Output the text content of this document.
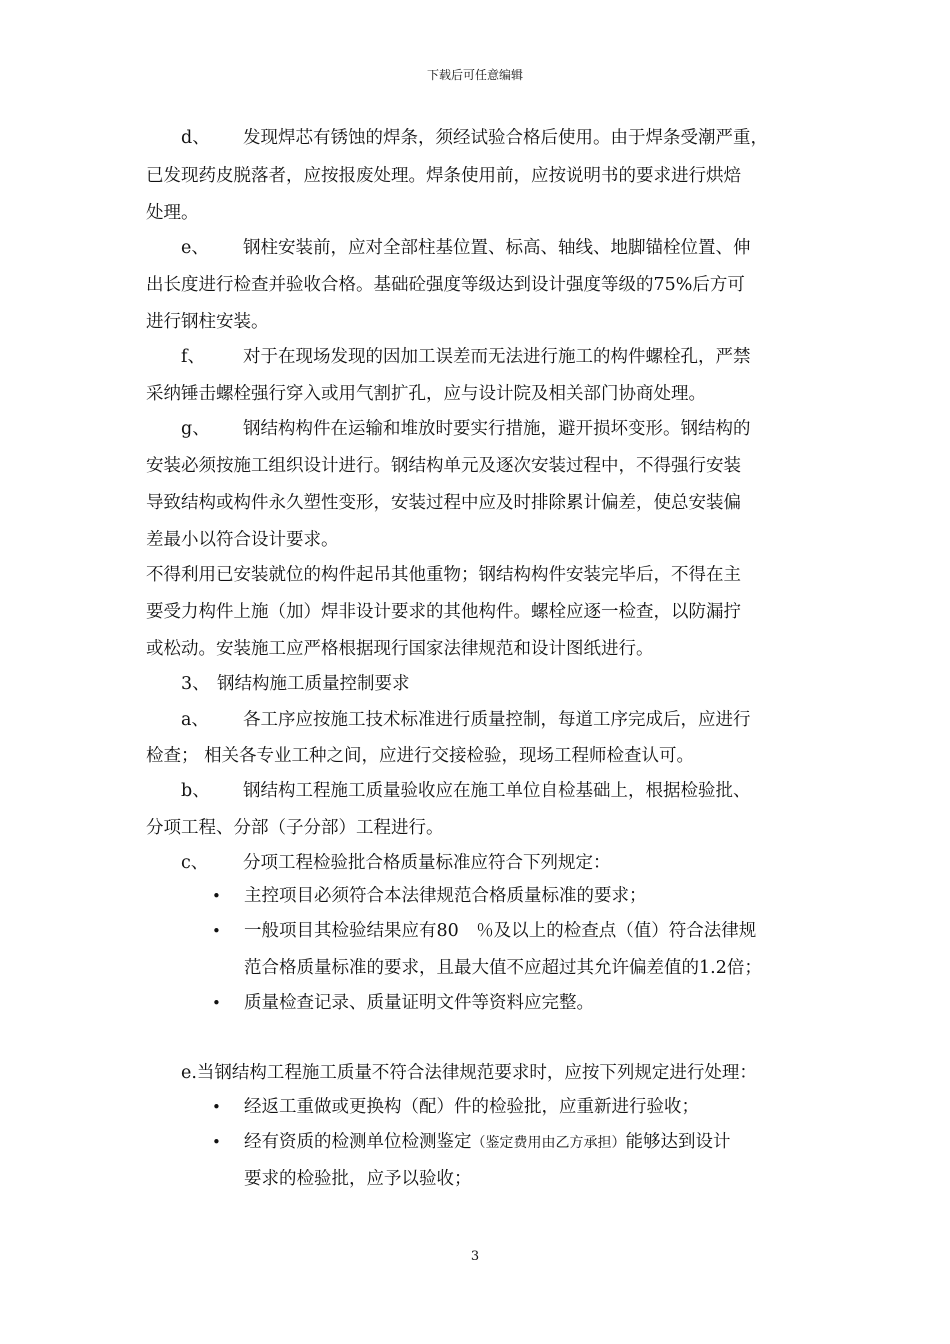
下载后可任意编辑
d、 发现焊芯有锈蚀的焊条，须经试验合格后使用。由于焊条受潮严重，
已发现药皮脱落者，应按报废处理。焊条使用前，应按说明书的要求进行烘焙
处理。
e、 钢柱安装前，应对全部柱基位置、标高、轴线、地脚锚栓位置、伸
出长度进行检查并验收合格。基础砼强度等级达到设计强度等级的75%后方可
进行钢柱安装。
f、 对于在现场发现的因加工误差而无法进行施工的构件螺栓孔，严禁
采纳锤击螺栓强行穿入或用气割扩孔，应与设计院及相关部门协商处理。
g、 钢结构构件在运输和堆放时要实行措施，避开损坏变形。钢结构的
安装必须按施工组织设计进行。钢结构单元及逐次安装过程中，不得强行安装
导致结构或构件永久塑性变形，安装过程中应及时排除累计偏差，使总安装偏
差最小以符合设计要求。
不得利用已安装就位的构件起吊其他重物；钢结构构件安装完毕后，不得在主
要受力构件上施（加）焊非设计要求的其他构件。螺栓应逐一检查，以防漏拧
或松动。安装施工应严格根据现行国家法律规范和设计图纸进行。
3、 钢结构施工质量控制要求
a、 各工序应按施工技术标准进行质量控制，每道工序完成后，应进行
检查； 相关各专业工种之间，应进行交接检验，现场工程师检查认可。
b、 钢结构工程施工质量验收应在施工单位自检基础上，根据检验批、
分项工程、分部（子分部）工程进行。
c、 分项工程检验批合格质量标准应符合下列规定：
• 主控项目必须符合本法律规范合格质量标准的要求；
• 一般项目其检验结果应有80　％及以上的检查点（值）符合法律规
范合格质量标准的要求，且最大值不应超过其允许偏差值的1.2倍；
• 质量检查记录、质量证明文件等资料应完整。
e.当钢结构工程施工质量不符合法律规范要求时，应按下列规定进行处理：
• 经返工重做或更换构（配）件的检验批，应重新进行验收；
• 经有资质的检测单位检测鉴定（鉴定费用由乙方承担）能够达到设计
要求的检验批，应予以验收；
3
